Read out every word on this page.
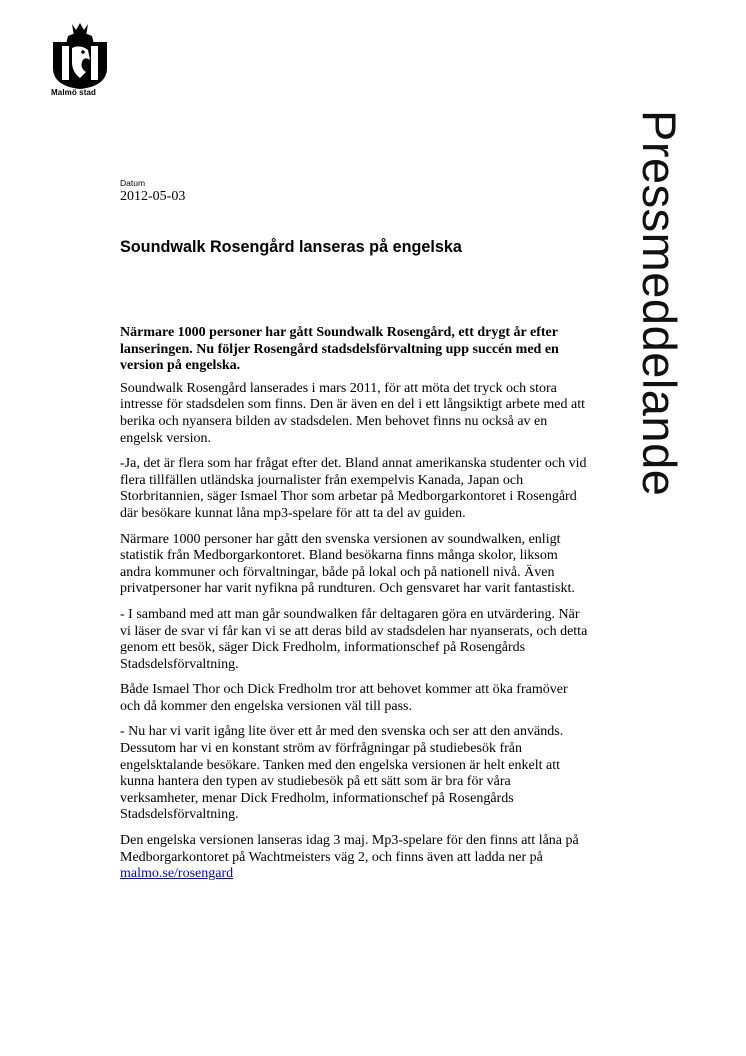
Malmö stad
Pressmeddelande
Datum
2012-05-03
Soundwalk Rosengård lanseras på engelska

Närmare 1000 personer har gått Soundwalk Rosengård, ett drygt år efter lanseringen. Nu följer Rosengård stadsdelsförvaltning upp succén med en version på engelska.

Soundwalk Rosengård lanserades i mars 2011, för att möta det tryck och stora intresse för stadsdelen som finns. Den är även en del i ett långsiktigt arbete med att berika och nyansera bilden av stadsdelen. Men behovet finns nu också av en engelsk version.

-Ja, det är flera som har frågat efter det. Bland annat amerikanska studenter och vid flera tillfällen utländska journalister från exempelvis Kanada, Japan och Storbritannien, säger Ismael Thor som arbetar på Medborgarkontoret i Rosengård där besökare kunnat låna mp3-spelare för att ta del av guiden.

Närmare 1000 personer har gått den svenska versionen av soundwalken, enligt statistik från Medborgarkontoret. Bland besökarna finns många skolor, liksom andra kommuner och förvaltningar, både på lokal och på nationell nivå. Även privatpersoner har varit nyfikna på rundturen. Och gensvaret har varit fantastiskt.

- I samband med att man går soundwalken får deltagaren göra en utvärdering. När vi läser de svar vi får kan vi se att deras bild av stadsdelen har nyanserats, och detta genom ett besök, säger Dick Fredholm, informationschef på Rosengårds Stadsdelsförvaltning.

Både Ismael Thor och Dick Fredholm tror att behovet kommer att öka framöver och då kommer den engelska versionen väl till pass.

- Nu har vi varit igång lite över ett år med den svenska och ser att den används. Dessutom har vi en konstant ström av förfrågningar på studiebesök från engelsktalande besökare. Tanken med den engelska versionen är helt enkelt att kunna hantera den typen av studiebesök på ett sätt som är bra för våra verksamheter, menar Dick Fredholm, informationschef på Rosengårds Stadsdelsförvaltning.

Den engelska versionen lanseras idag 3 maj. Mp3-spelare för den finns att låna på Medborgarkontoret på Wachtmeisters väg 2, och finns även att ladda ner på malmo.se/rosengard
